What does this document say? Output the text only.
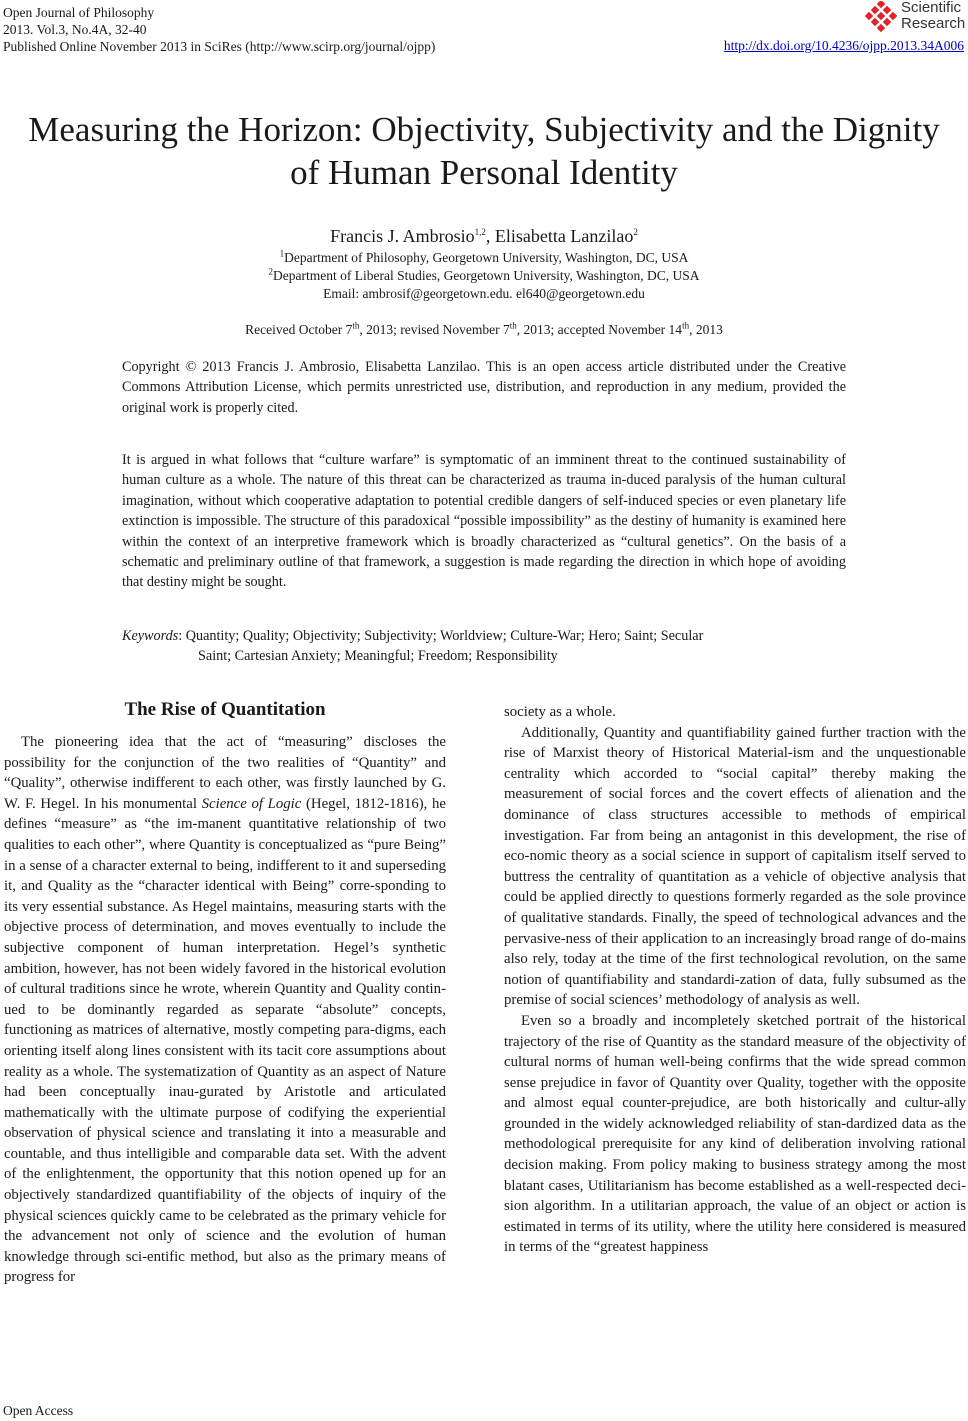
Open Journal of Philosophy
2013. Vol.3, No.4A, 32-40
Published Online November 2013 in SciRes (http://www.scirp.org/journal/ojpp)
Scientific
Research
http://dx.doi.org/10.4236/ojpp.2013.34A006
Measuring the Horizon: Objectivity, Subjectivity and the Dignity
of Human Personal Identity
Francis J. Ambrosio$^{1,2}$, Elisabetta Lanzilao$^2$
$^1$Department of Philosophy, Georgetown University, Washington, DC, USA
$^2$Department of Liberal Studies, Georgetown University, Washington, DC, USA
Email: ambrosif@georgetown.edu. el640@georgetown.edu
Received October 7th, 2013; revised November 7th, 2013; accepted November 14th, 2013
Copyright © 2013 Francis J. Ambrosio, Elisabetta Lanzilao. This is an open access article distributed under the Creative Commons Attribution License, which permits unrestricted use, distribution, and reproduction in any medium, provided the original work is properly cited.
It is argued in what follows that “culture warfare” is symptomatic of an imminent threat to the continued sustainability of human culture as a whole. The nature of this threat can be characterized as trauma in-duced paralysis of the human cultural imagination, without which cooperative adaptation to potential credible dangers of self-induced species or even planetary life extinction is impossible. The structure of this paradoxical “possible impossibility” as the destiny of humanity is examined here within the context of an interpretive framework which is broadly characterized as “cultural genetics”. On the basis of a schematic and preliminary outline of that framework, a suggestion is made regarding the direction in which hope of avoiding that destiny might be sought.
Keywords: Quantity; Quality; Objectivity; Subjectivity; Worldview; Culture-War; Hero; Saint; Secular
Saint; Cartesian Anxiety; Meaningful; Freedom; Responsibility
The Rise of Quantitation

The pioneering idea that the act of “measuring” discloses the possibility for the conjunction of the two realities of “Quantity” and “Quality”, otherwise indifferent to each other, was firstly launched by G. W. F. Hegel. In his monumental Science of Logic (Hegel, 1812-1816), he defines “measure” as “the im-manent quantitative relationship of two qualities to each other”, where Quantity is conceptualized as “pure Being” in a sense of a character external to being, indifferent to it and superseding it, and Quality as the “character identical with Being” corre-sponding to its very essential substance. As Hegel maintains, measuring starts with the objective process of determination, and moves eventually to include the subjective component of human interpretation. Hegel’s synthetic ambition, however, has not been widely favored in the historical evolution of cultural traditions since he wrote, wherein Quantity and Quality contin-ued to be dominantly regarded as separate “absolute” concepts, functioning as matrices of alternative, mostly competing para-digms, each orienting itself along lines consistent with its tacit core assumptions about reality as a whole. The systematization of Quantity as an aspect of Nature had been conceptually inau-gurated by Aristotle and articulated mathematically with the ultimate purpose of codifying the experiential observation of physical science and translating it into a measurable and countable, and thus intelligible and comparable data set. With the advent of the enlightenment, the opportunity that this notion opened up for an objectively standardized quantifiability of the objects of inquiry of the physical sciences quickly came to be celebrated as the primary vehicle for the advancement not only of science and the evolution of human knowledge through sci-entific method, but also as the primary means of progress for

society as a whole.

Additionally, Quantity and quantifiability gained further traction with the rise of Marxist theory of Historical Material-ism and the unquestionable centrality which accorded to “social capital” thereby making the measurement of social forces and the covert effects of alienation and the dominance of class structures accessible to methods of empirical investigation. Far from being an antagonist in this development, the rise of eco-nomic theory as a social science in support of capitalism itself served to buttress the centrality of quantitation as a vehicle of objective analysis that could be applied directly to questions formerly regarded as the sole province of qualitative standards. Finally, the speed of technological advances and the pervasive-ness of their application to an increasingly broad range of do-mains also rely, today at the time of the first technological revolution, on the same notion of quantifiability and standardi-zation of data, fully subsumed as the premise of social sciences’ methodology of analysis as well.

Even so a broadly and incompletely sketched portrait of the historical trajectory of the rise of Quantity as the standard measure of the objectivity of cultural norms of human well-being confirms that the wide spread common sense prejudice in favor of Quantity over Quality, together with the opposite and almost equal counter-prejudice, are both historically and cultur-ally grounded in the widely acknowledged reliability of stan-dardized data as the methodological prerequisite for any kind of deliberation involving rational decision making. From policy making to business strategy among the most blatant cases, Utilitarianism has become established as a well-respected deci-sion algorithm. In a utilitarian approach, the value of an object or action is estimated in terms of its utility, where the utility here considered is measured in terms of the “greatest happiness

Open Access
